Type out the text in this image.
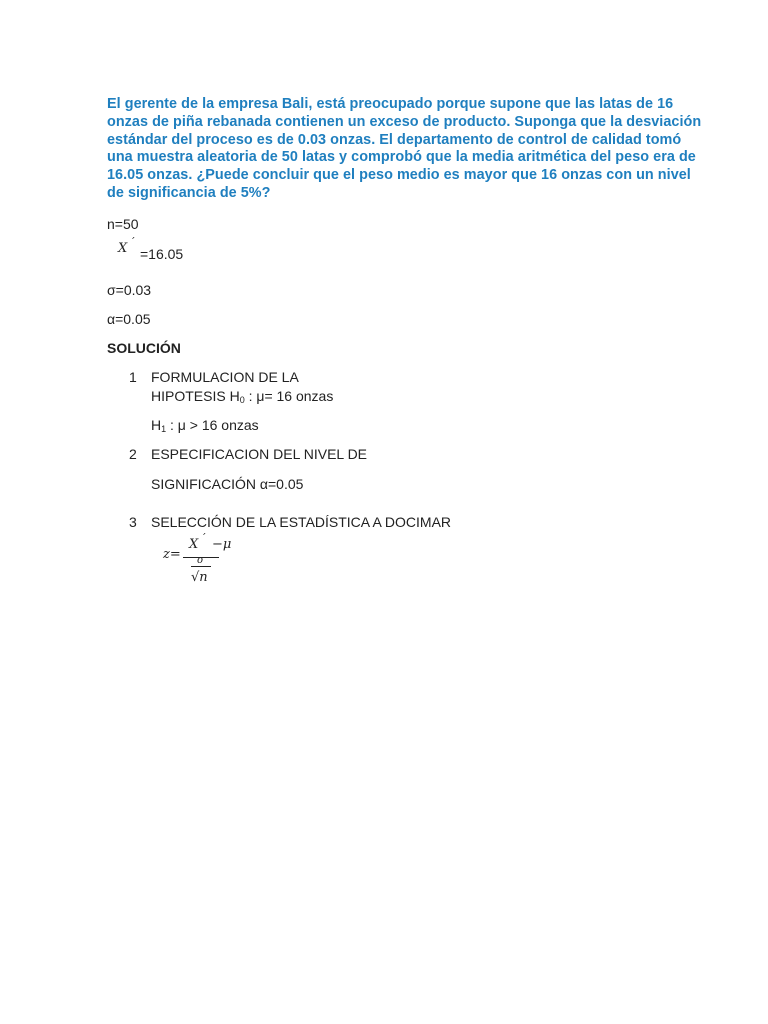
El gerente de la empresa Bali, está preocupado porque supone que las latas de 16
onzas de piña rebanada contienen un exceso de producto. Suponga que la desviación
estándar del proceso es de 0.03 onzas. El departamento de control de calidad tomó
una muestra aleatoria de 50 latas y comprobó que la media aritmética del peso era de
16.05 onzas. ¿Puede concluir que el peso medio es mayor que 16 onzas con un nivel
de significancia de 5%?
n=50
X ´
=16.05
σ=0.03
α=0.05
SOLUCIÓN
1 FORMULACION DE LA
HIPOTESIS $H_0$ : μ= 16 onzas
$H_1$ : μ > 16 onzas
2 ESPECIFICACION DEL NIVEL DE
SIGNIFICACIÓN α=0.05
3 SELECCIÓN DE LA ESTADÍSTICA A DOCIMAR
z=
X ´ −μ
σ
√n
